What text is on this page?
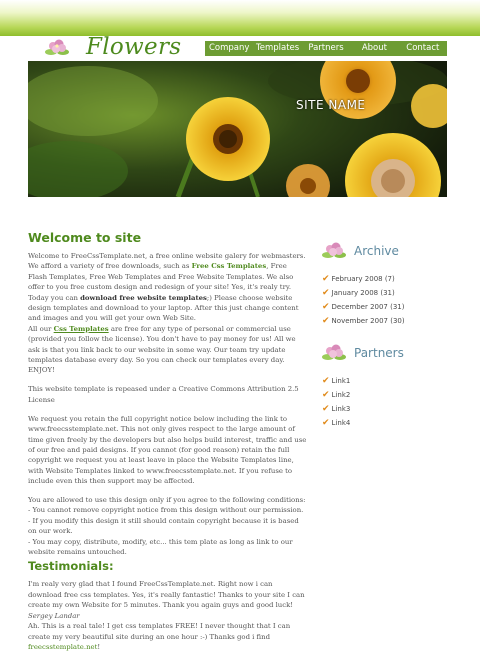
Flowers	Company Templates	Partners	About	Contact
SITE NAME
Welcome to site

Welcome to FreeCssTemplate.net, a free online website galery for webmasters. We afford a variety of free downloads, such as Free Css Templates, Free Flash Templates, Free Web Templates and Free Website Templates. We also offer to you free custom design and redesign of your site! Yes, it's realy try. Today you can download free website templates;) Please choose website design templates and download to your laptop. After this just change content and images and you will get your own Web Site.

All our Css Templates are free for any type of personal or commercial use (provided you follow the license). You don't have to pay money for us! All we ask is that you link back to our website in some way. Our team try update templates database every day. So you can check our templates every day. ENJOY!

This website template is repeased under a Creative Commons Attribution 2.5 License

We request you retain the full copyright notice below including the link to www.freecsstemplate.net. This not only gives respect to the large amount of time given freely by the developers but also helps build interest, traffic and use of our free and paid designs. If you cannot (for good reason) retain the full copyright we request you at least leave in place the Website Templates line, with Website Templates linked to www.freecsstemplate.net. If you refuse to include even this then support may be affected.

You are allowed to use this design only if you agree to the following conditions:

- You cannot remove copyright notice from this design without our permission.

- If you modify this design it still should contain copyright because it is based on our work.

- You may copy, distribute, modify, etc... this tem plate as long as link to our website remains untouched.

Testimonials:

I'm realy very glad that I found FreeCssTemplate.net. Right now i can download free css templates. Yes, it's really fantastic! Thanks to your site I can create my own Website for 5 minutes. Thank you again guys and good luck!

Sergey Landar

Ah. This is a real tale! I get css templates FREE! I never thought that I can create my very beautiful site during an one hour :-) Thanks god i find
freecsstemplate.net!

Archive
✔ February 2008 (7)
✔ January 2008 (31)
✔ December 2007 (31)
✔ November 2007 (30)
Partners
✔ Link1
✔ Link2
✔ Link3
✔ Link4
